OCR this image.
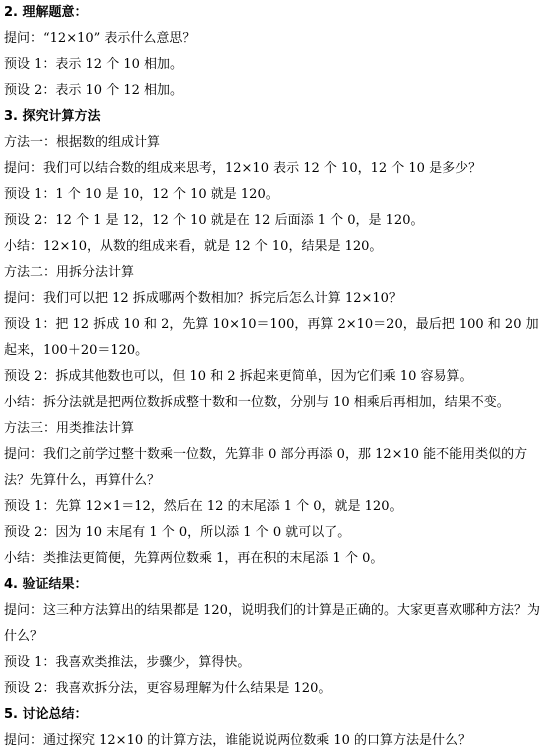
2. 理解题意：
提问：“12×10” 表示什么意思？
预设 1：表示 12 个 10 相加。
预设 2：表示 10 个 12 相加。
3. 探究计算方法
方法一：根据数的组成计算
提问：我们可以结合数的组成来思考，12×10 表示 12 个 10，12 个 10 是多少？
预设 1：1 个 10 是 10，12 个 10 就是 120。
预设 2：12 个 1 是 12，12 个 10 就是在 12 后面添 1 个 0，是 120。
小结：12×10，从数的组成来看，就是 12 个 10，结果是 120。
方法二：用拆分法计算
提问：我们可以把 12 拆成哪两个数相加？拆完后怎么计算 12×10？
预设 1：把 12 拆成 10 和 2，先算 10×10＝100，再算 2×10＝20，最后把 100 和 20 加
起来，100＋20＝120。
预设 2：拆成其他数也可以，但 10 和 2 拆起来更简单，因为它们乘 10 容易算。
小结：拆分法就是把两位数拆成整十数和一位数，分别与 10 相乘后再相加，结果不变。
方法三：用类推法计算
提问：我们之前学过整十数乘一位数，先算非 0 部分再添 0，那 12×10 能不能用类似的方
法？先算什么，再算什么？
预设 1：先算 12×1＝12，然后在 12 的末尾添 1 个 0，就是 120。
预设 2：因为 10 末尾有 1 个 0，所以添 1 个 0 就可以了。
小结：类推法更简便，先算两位数乘 1，再在积的末尾添 1 个 0。
4. 验证结果：
提问：这三种方法算出的结果都是 120，说明我们的计算是正确的。大家更喜欢哪种方法？为
什么？
预设 1：我喜欢类推法，步骤少，算得快。
预设 2：我喜欢拆分法，更容易理解为什么结果是 120。
5. 讨论总结：
提问：通过探究 12×10 的计算方法，谁能说说两位数乘 10 的口算方法是什么？
